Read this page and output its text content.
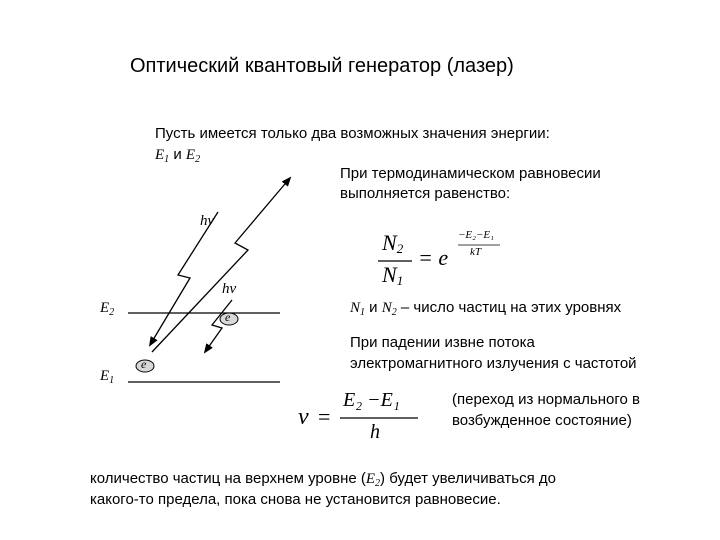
Оптический квантовый генератор (лазер)
Пусть имеется только два возможных значения энергии:
$E_1$ и $E_2$
При термодинамическом равновесии
выполняется равенство:
$N_2$
$N_1$
= e
−E₂−E₁
kT
$N_1$ и $N_2$ – число частиц на этих уровнях
При падении извне потока
электромагнитного излучения с частотой
ν =
E₂ −E₁
h
(переход из нормального в
возбужденное состояние)
количество частиц на верхнем уровне $(E_2)$ будет увеличиваться до
какого-то предела, пока снова не установится равновесие.
$E_2$
$E_1$
hν
hν
e
e
